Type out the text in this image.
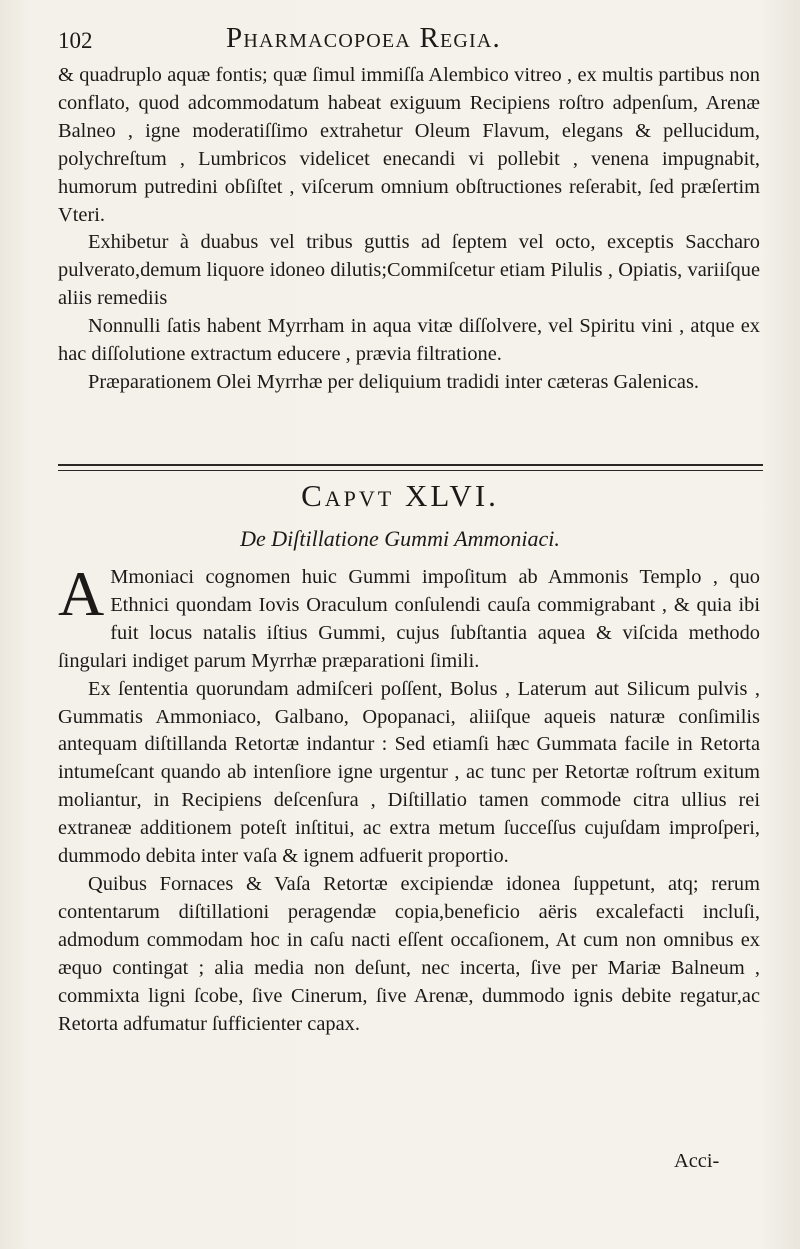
102	Pharmacopoea Regia.

& quadruplo aquæ fontis; quæ ſimul immiſſa Alembico vitreo , ex multis partibus non conflato, quod adcommodatum habeat exiguum Recipiens roſtro adpenſum, Arenæ Balneo , igne moderatiſſimo extrahetur Oleum Flavum, elegans & pellucidum, polychreſtum , Lumbricos videlicet enecandi vi pollebit , venena impugnabit, humorum putredini obſiſtet , viſcerum omnium obſtructiones reſerabit, ſed præſertim Vteri.

Exhibetur à duabus vel tribus guttis ad ſeptem vel octo, exceptis Saccharo pulverato,demum liquore idoneo dilutis;Commiſcetur etiam Pilulis , Opiatis, variiſque aliis remediis

Nonnulli ſatis habent Myrrham in aqua vitæ diſſolvere, vel Spiritu vini , atque ex hac diſſolutione extractum educere , prævia filtratione.

Præparationem Olei Myrrhæ per deliquium tradidi inter cæteras Galenicas.

Capvt XLVI.
De Diſtillatione Gummi Ammoniaci.

A Mmoniaci cognomen huic Gummi impoſitum ab Ammonis Templo , quo Ethnici quondam Iovis Oraculum conſulendi cauſa commigrabant , & quia ibi fuit locus natalis iſtius Gummi, cujus ſubſtantia aquea & viſcida methodo ſingulari indiget parum Myrrhæ præparationi ſimili.

Ex ſententia quorundam admiſceri poſſent, Bolus , Laterum aut Silicum pulvis , Gummatis Ammoniaco, Galbano, Opopanaci, aliiſque aqueis naturæ conſimilis antequam diſtillanda Retortæ indantur : Sed etiamſi hæc Gummata facile in Retorta intumeſcant quando ab intenſiore igne urgentur , ac tunc per Retortæ roſtrum exitum moliantur, in Recipiens deſcenſura , Diſtillatio tamen commode citra ullius rei extraneæ additionem poteſt inſtitui, ac extra metum ſucceſſus cujuſdam improſperi, dummodo debita inter vaſa & ignem adfuerit proportio.

Quibus Fornaces & Vaſa Retortæ excipiendæ idonea ſuppetunt, atq; rerum contentarum diſtillationi peragendæ copia,beneficio aëris excalefacti incluſi, admodum commodam hoc in caſu nacti eſſent occaſionem, At cum non omnibus ex æquo contingat ; alia media non deſunt, nec incerta, ſive per Mariæ Balneum , commixta ligni ſcobe, ſive Cinerum, ſive Arenæ, dummodo ignis debite regatur,ac Retorta adfumatur ſufficienter capax.

Acci-
